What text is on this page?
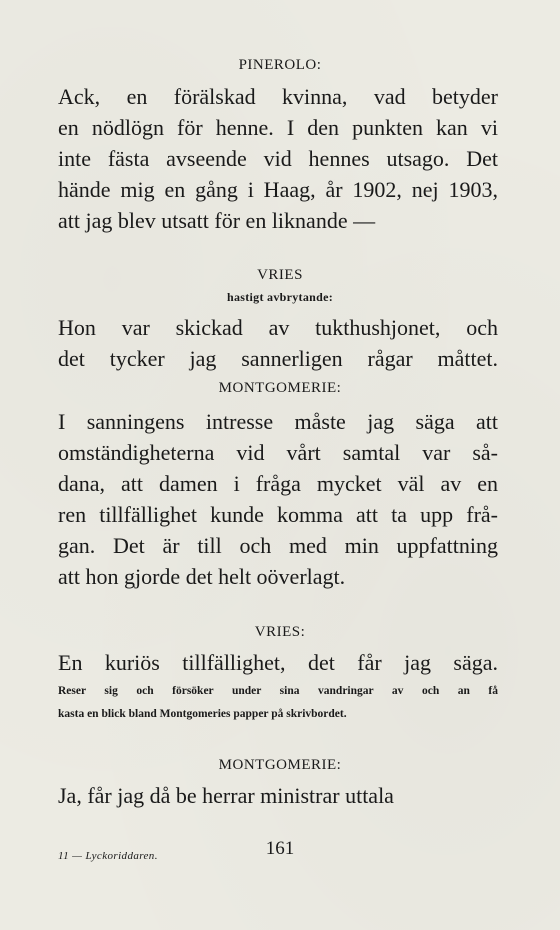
PINEROLO:
Ack, en förälskad kvinna, vad betyder
en nödlögn för henne. I den punkten kan vi
inte fästa avseende vid hennes utsago. Det
hände mig en gång i Haag, år 1902, nej 1903,
att jag blev utsatt för en liknande —
VRIES
hastigt avbrytande:
Hon var skickad av tukthushjonet, och
det tycker jag sannerligen rågar måttet.
MONTGOMERIE:
I sanningens intresse måste jag säga att
omständigheterna vid vårt samtal var så-
dana, att damen i fråga mycket väl av en
ren tillfällighet kunde komma att ta upp frå-
gan. Det är till och med min uppfattning
att hon gjorde det helt oöverlagt.
VRIES:
En kuriös tillfällighet, det får jag säga.
Reser sig och försöker under sina vandringar av och an få
kasta en blick bland Montgomeries papper på skrivbordet.
MONTGOMERIE:
Ja, får jag då be herrar ministrar uttala
11 — Lyckoriddaren.	161
